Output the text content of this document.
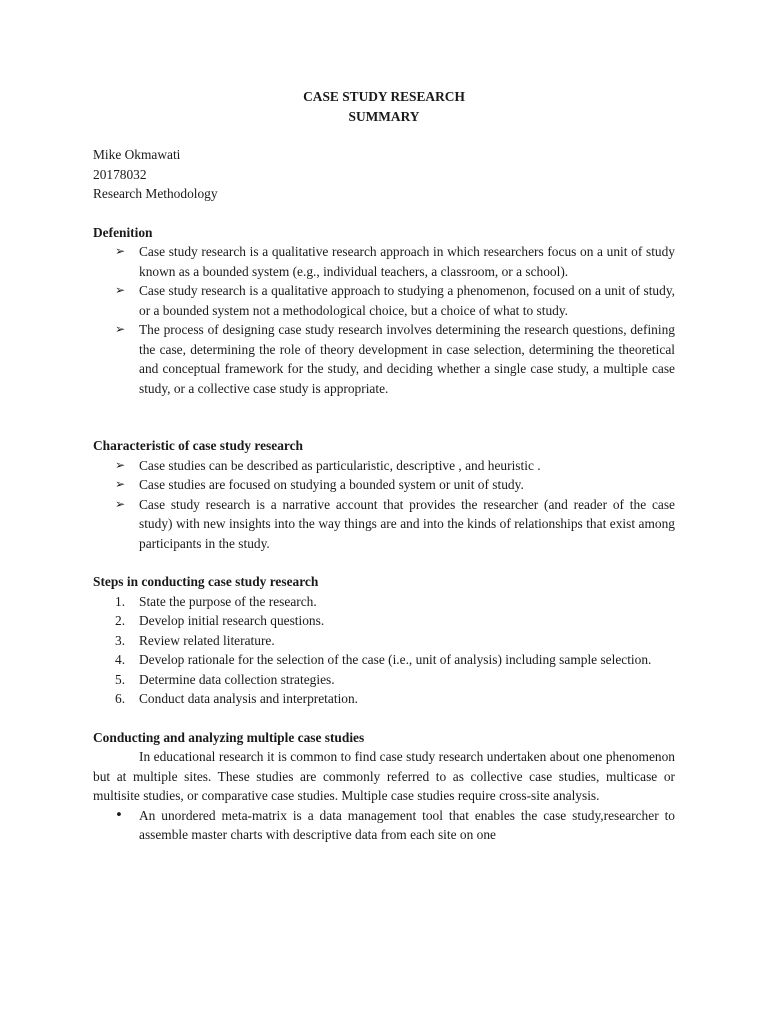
CASE STUDY RESEARCH

SUMMARY

Mike Okmawati

20178032

Research Methodology

Defenition

➢	Case study research is a qualitative research approach in which researchers focus on a unit of study known as a bounded system (e.g., individual teachers, a classroom, or a school).
➢	Case study research is a qualitative approach to studying a phenomenon, focused on a unit of study, or a bounded system not a methodological choice, but a choice of what to study.
➢	The process of designing case study research involves determining the research questions, defining the case, determining the role of theory development in case selection, determining the theoretical and conceptual framework for the study, and deciding whether a single case study, a multiple case study, or a collective case study is appropriate.

Characteristic of case study research

➢	Case studies can be described as particularistic, descriptive , and heuristic .
➢	Case studies are focused on studying a bounded system or unit of study.
➢	Case study research is a narrative account that provides the researcher (and reader of the case study) with new insights into the way things are and into the kinds of relationships that exist among participants in the study.

Steps in conducting case study research

1.	State the purpose of the research.
2.	Develop initial research questions.
3.	Review related literature.
4.	Develop rationale for the selection of the case (i.e., unit of analysis) including sample selection.
5.	Determine data collection strategies.
6.	Conduct data analysis and interpretation.

Conducting and analyzing multiple case studies

In educational research it is common to find case study research undertaken about one phenomenon but at multiple sites. These studies are commonly referred to as collective case studies, multicase or multisite studies, or comparative case studies. Multiple case studies require cross-site analysis.

•	An unordered meta-matrix is a data management tool that enables the case study,researcher to assemble master charts with descriptive data from each site on one
